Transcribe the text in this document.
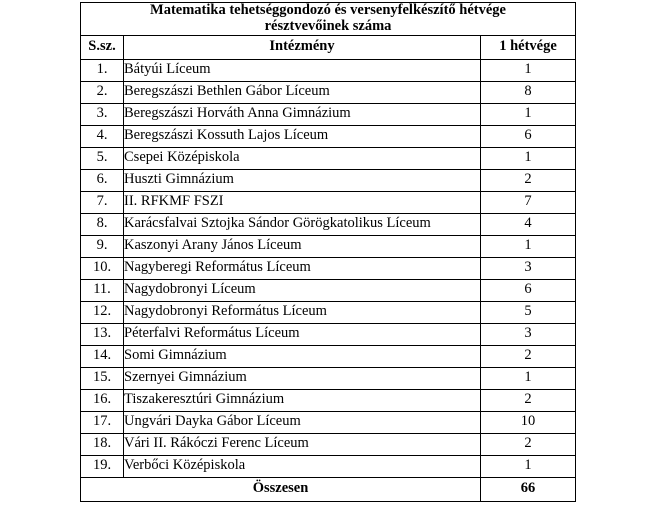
Matematika tehetséggondozó és versenyfelkészítő hétvége
résztvevőinek száma		

S.sz.	Intézmény	1 hétvége
1.	Bátyúi Líceum	1
2.	Beregszászi Bethlen Gábor Líceum	8
3.	Beregszászi Horváth Anna Gimnázium	1
4.	Beregszászi Kossuth Lajos Líceum	6
5.	Csepei Középiskola	1
6.	Huszti Gimnázium	2
7.	II. RFKMF FSZI	7
8.	Karácsfalvai Sztojka Sándor Görögkatolikus Líceum	4
9.	Kaszonyi Arany János Líceum	1
10.	Nagyberegi Református Líceum	3
11.	Nagydobronyi Líceum	6
12.	Nagydobronyi Református Líceum	5
13.	Péterfalvi Református Líceum	3
14.	Somi Gimnázium	2
15.	Szernyei Gimnázium	1
16.	Tiszakeresztúri Gimnázium	2
17.	Ungvári Dayka Gábor Líceum	10
18.	Vári II. Rákóczi Ferenc Líceum	2
19.	Verbőci Középiskola	1
Összesen		66
